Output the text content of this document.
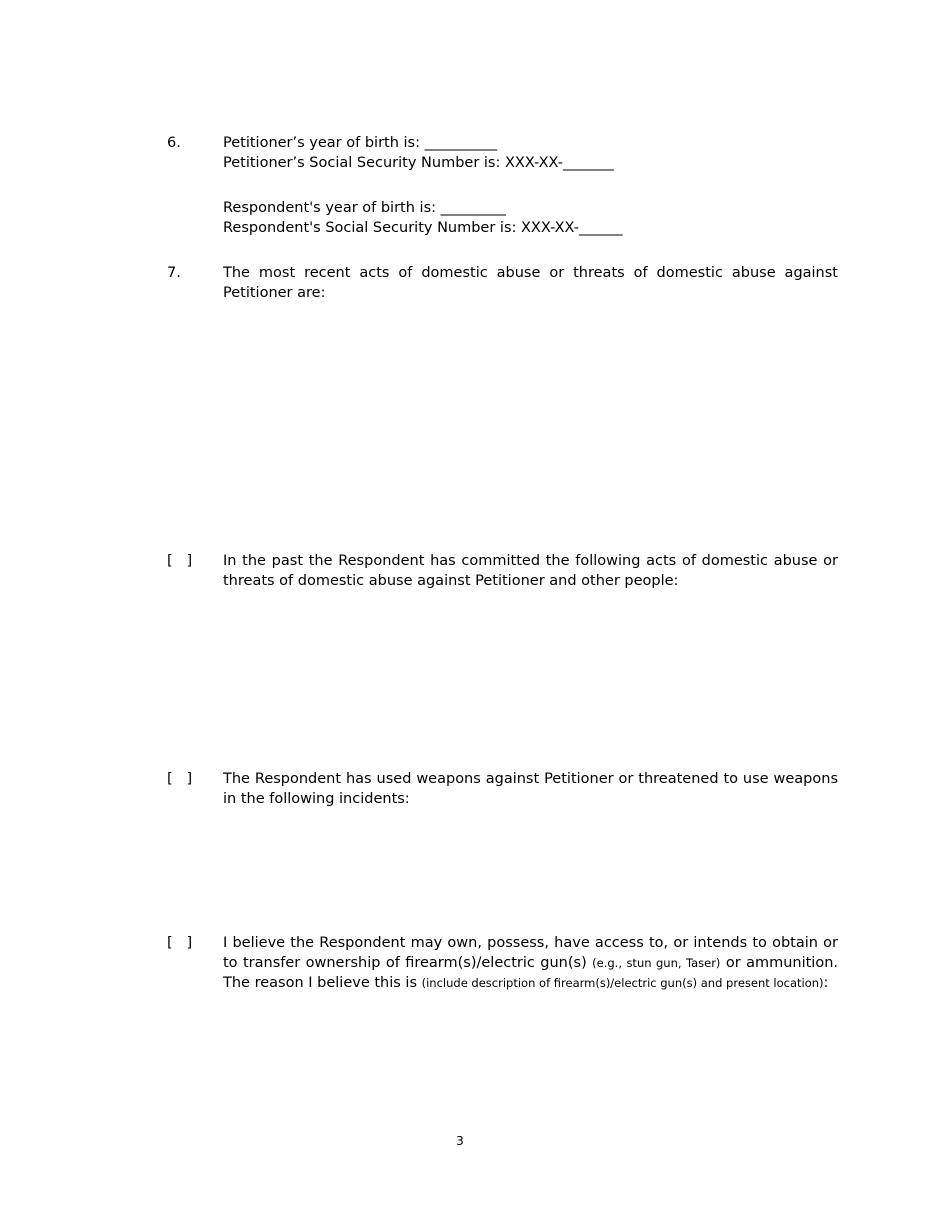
6.	Petitioner’s year of birth is: __________
Petitioner’s Social Security Number is: XXX-XX-_______
Respondent's year of birth is: _________
Respondent's Social Security Number is: XXX-XX-______
7.	The most recent acts of domestic abuse or threats of domestic abuse against Petitioner are:
[   ] In the past the Respondent has committed the following acts of domestic abuse or threats of domestic abuse against Petitioner and other people:
[   ] The Respondent has used weapons against Petitioner or threatened to use weapons in the following incidents:
[   ] I believe the Respondent may own, possess, have access to, or intends to obtain or to transfer ownership of firearm(s)/electric gun(s) (e.g., stun gun, Taser) or ammunition. The reason I believe this is (include description of firearm(s)/electric gun(s) and present location):
3
